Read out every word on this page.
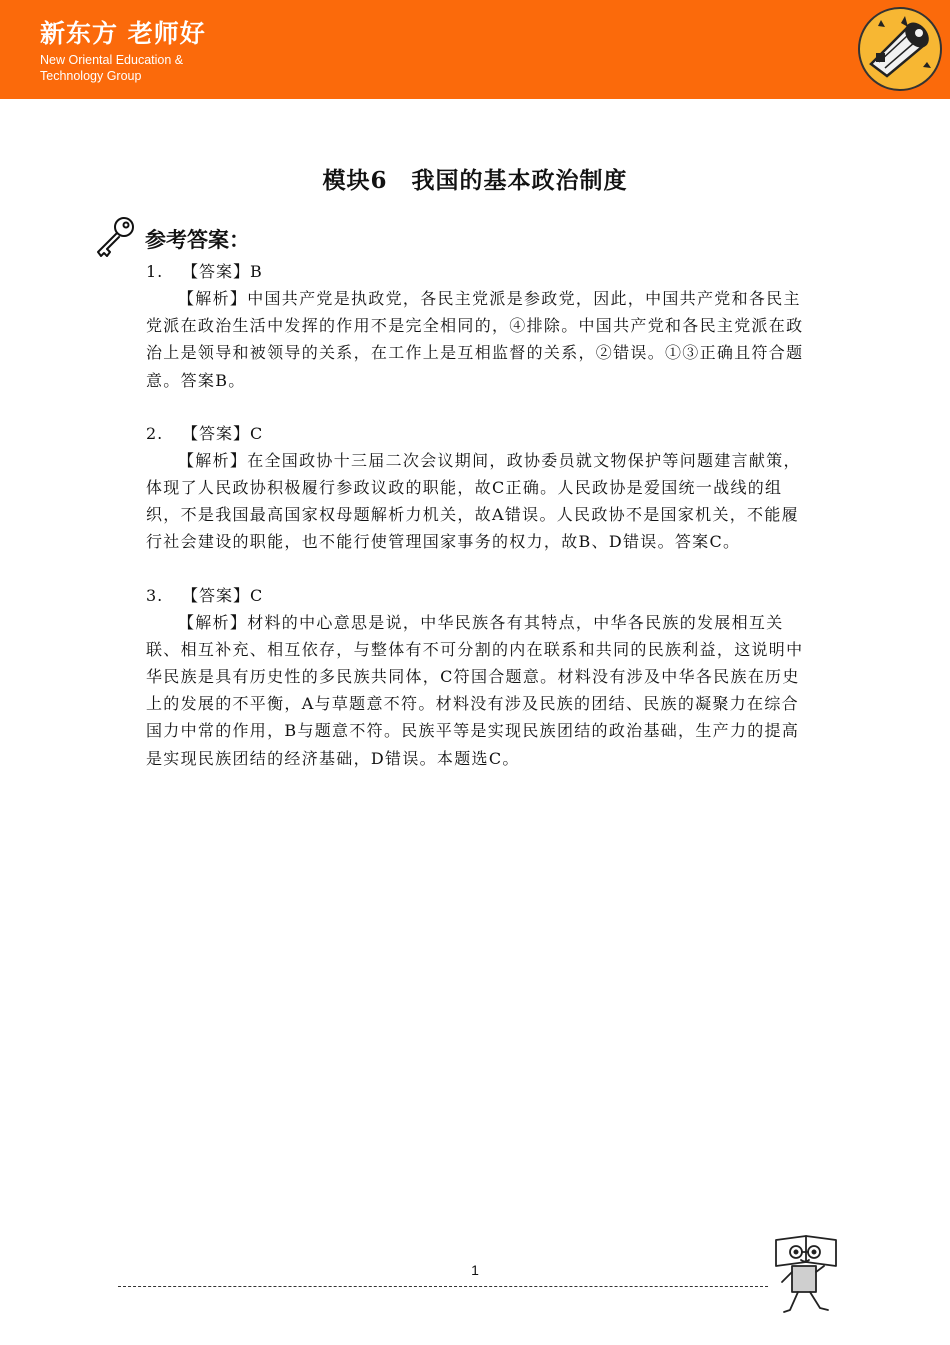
新东方 老师好
New Oriental Education &
Technology Group
模块6　我国的基本政治制度
参考答案：
1. 【答案】B

【解析】中国共产党是执政党，各民主党派是参政党，因此，中国共产党和各民主党派在政治生活中发挥的作用不是完全相同的，④排除。中国共产党和各民主党派在政治上是领导和被领导的关系，在工作上是互相监督的关系，②错误。①③正确且符合题意。答案B。

2. 【答案】C

【解析】在全国政协十三届二次会议期间，政协委员就文物保护等问题建言献策，体现了人民政协积极履行参政议政的职能，故C正确。人民政协是爱国统一战线的组织，不是我国最高国家权母题解析力机关，故A错误。人民政协不是国家机关，不能履行社会建设的职能，也不能行使管理国家事务的权力，故B、D错误。答案C。

3. 【答案】C

【解析】材料的中心意思是说，中华民族各有其特点，中华各民族的发展相互关联、相互补充、相互依存，与整体有不可分割的内在联系和共同的民族利益，这说明中华民族是具有历史性的多民族共同体，C符国合题意。材料没有涉及中华各民族在历史上的发展的不平衡，A与草题意不符。材料没有涉及民族的团结、民族的凝聚力在综合国力中常的作用，B与题意不符。民族平等是实现民族团结的政治基础，生产力的提高是实现民族团结的经济基础，D错误。本题选C。

1
